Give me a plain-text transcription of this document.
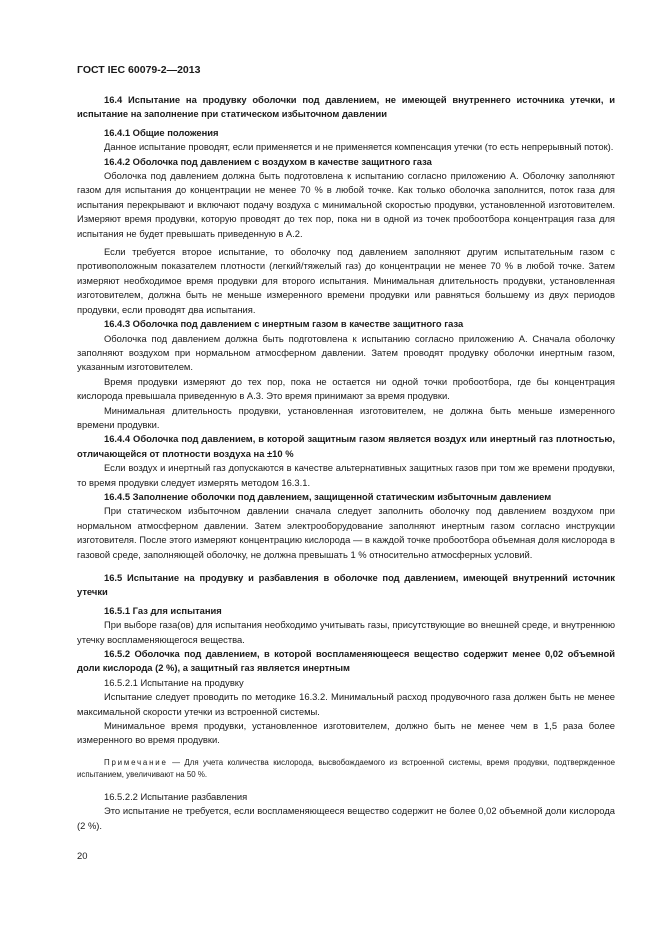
ГОСТ IEC 60079-2—2013

16.4 Испытание на продувку оболочки под давлением, не имеющей внутреннего источника утечки, и испытание на заполнение при статическом избыточном давлении

16.4.1 Общие положения

Данное испытание проводят, если применяется и не применяется компенсация утечки (то есть непрерывный поток).

16.4.2 Оболочка под давлением с воздухом в качестве защитного газа

Оболочка под давлением должна быть подготовлена к испытанию согласно приложению А. Оболочку заполняют газом для испытания до концентрации не менее 70 % в любой точке. Как только оболочка заполнится, поток газа для испытания перекрывают и включают подачу воздуха с минимальной скоростью продувки, установленной изготовителем. Измеряют время продувки, которую проводят до тех пор, пока ни в одной из точек пробоотбора концентрация газа для испытания не будет превышать приведенную в А.2.

Если требуется второе испытание, то оболочку под давлением заполняют другим испытательным газом с противоположным показателем плотности (легкий/тяжелый газ) до концентрации не менее 70 % в любой точке. Затем измеряют необходимое время продувки для второго испытания. Минимальная длительность продувки, установленная изготовителем, должна быть не меньше измеренного времени продувки или равняться большему из двух периодов продувки, если проводят два испытания.

16.4.3 Оболочка под давлением с инертным газом в качестве защитного газа

Оболочка под давлением должна быть подготовлена к испытанию согласно приложению А. Сначала оболочку заполняют воздухом при нормальном атмосферном давлении. Затем проводят продувку оболочки инертным газом, указанным изготовителем.

Время продувки измеряют до тех пор, пока не остается ни одной точки пробоотбора, где бы концентрация кислорода превышала приведенную в А.3. Это время принимают за время продувки.

Минимальная длительность продувки, установленная изготовителем, не должна быть меньше измеренного времени продувки.

16.4.4 Оболочка под давлением, в которой защитным газом является воздух или инертный газ плотностью, отличающейся от плотности воздуха на ±10 %

Если воздух и инертный газ допускаются в качестве альтернативных защитных газов при том же времени продувки, то время продувки следует измерять методом 16.3.1.

16.4.5 Заполнение оболочки под давлением, защищенной статическим избыточным давлением

При статическом избыточном давлении сначала следует заполнить оболочку под давлением воздухом при нормальном атмосферном давлении. Затем электрооборудование заполняют инертным газом согласно инструкции изготовителя. После этого измеряют концентрацию кислорода — в каждой точке пробоотбора объемная доля кислорода в газовой среде, заполняющей оболочку, не должна превышать 1 % относительно атмосферных условий.

16.5 Испытание на продувку и разбавления в оболочке под давлением, имеющей внутренний источник утечки

16.5.1 Газ для испытания

При выборе газа(ов) для испытания необходимо учитывать газы, присутствующие во внешней среде, и внутреннюю утечку воспламеняющегося вещества.

16.5.2 Оболочка под давлением, в которой воспламеняющееся вещество содержит менее 0,02 объемной доли кислорода (2 %), а защитный газ является инертным

16.5.2.1 Испытание на продувку

Испытание следует проводить по методике 16.3.2. Минимальный расход продувочного газа должен быть не менее максимальной скорости утечки из встроенной системы.

Минимальное время продувки, установленное изготовителем, должно быть не менее чем в 1,5 раза более измеренного во время продувки.

Примечание — Для учета количества кислорода, высвобождаемого из встроенной системы, время продувки, подтвержденное испытанием, увеличивают на 50 %.

16.5.2.2 Испытание разбавления

Это испытание не требуется, если воспламеняющееся вещество содержит не более 0,02 объемной доли кислорода (2 %).

20
